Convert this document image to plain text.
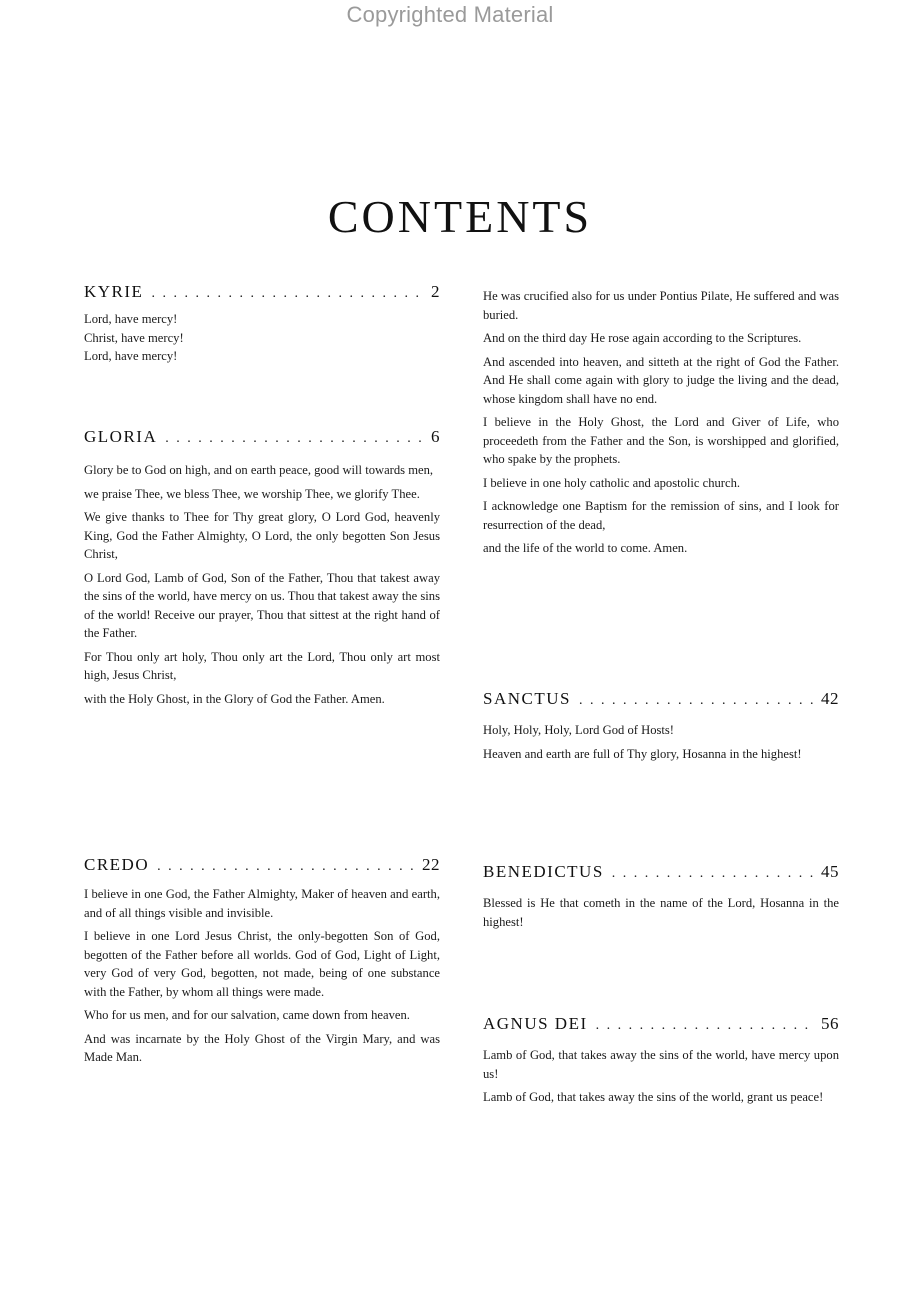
Copyrighted Material
CONTENTS
KYRIE . . .	2

Lord, have mercy!

Christ, have mercy!

Lord, have mercy!

GLORIA . . .	6

Glory be to God on high, and on earth peace, good will towards men,

we praise Thee, we bless Thee, we worship Thee, we glorify Thee.

We give thanks to Thee for Thy great glory, O Lord God, heavenly King, God the Father Almighty, O Lord, the only begotten Son Jesus Christ,

O Lord God, Lamb of God, Son of the Father, Thou that takest away the sins of the world, have mercy on us. Thou that takest away the sins of the world! Receive our prayer, Thou that sittest at the right hand of the Father.

For Thou only art holy, Thou only art the Lord, Thou only art most high, Jesus Christ,

with the Holy Ghost, in the Glory of God the Father. Amen.

CREDO . . .	22

I believe in one God, the Father Almighty, Maker of heaven and earth, and of all things visible and invisible.

I believe in one Lord Jesus Christ, the only-begotten Son of God, begotten of the Father before all worlds. God of God, Light of Light, very God of very God, begotten, not made, being of one substance with the Father, by whom all things were made.

Who for us men, and for our salvation, came down from heaven.

And was incarnate by the Holy Ghost of the Virgin Mary, and was Made Man.

He was crucified also for us under Pontius Pilate, He suffered and was buried.

And on the third day He rose again according to the Scriptures.

And ascended into heaven, and sitteth at the right of God the Father. And He shall come again with glory to judge the living and the dead, whose kingdom shall have no end.

I believe in the Holy Ghost, the Lord and Giver of Life, who proceedeth from the Father and the Son, is worshipped and glorified, who spake by the prophets.

I believe in one holy catholic and apostolic church.

I acknowledge one Baptism for the remission of sins, and I look for resurrection of the dead,

and the life of the world to come. Amen.

SANCTUS . . .	42

Holy, Holy, Holy, Lord God of Hosts!

Heaven and earth are full of Thy glory, Hosanna in the highest!

BENEDICTUS . . .	45

Blessed is He that cometh in the name of the Lord, Hosanna in the highest!

AGNUS DEI . . .	56

Lamb of God, that takes away the sins of the world, have mercy upon us!

Lamb of God, that takes away the sins of the world, grant us peace!
